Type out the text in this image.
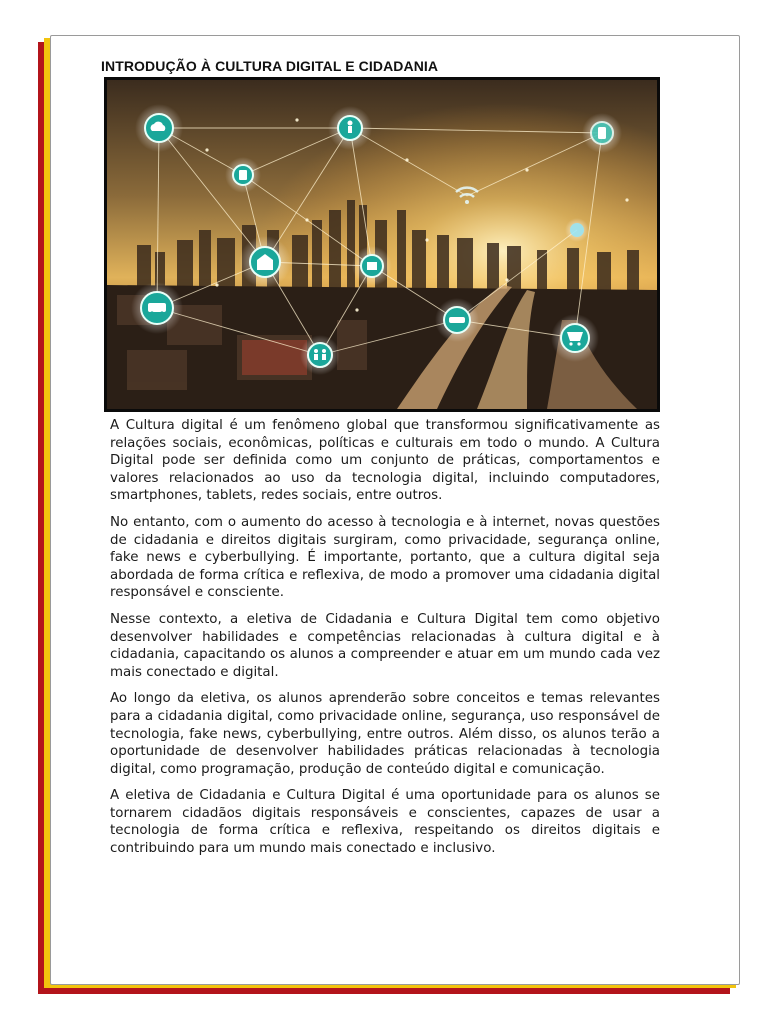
INTRODUÇÃO À CULTURA DIGITAL E CIDADANIA

A Cultura digital é um fenômeno global que transformou significativamente as relações sociais, econômicas, políticas e culturais em todo o mundo. A Cultura Digital pode ser definida como um conjunto de práticas, comportamentos e valores relacionados ao uso da tecnologia digital, incluindo computadores, smartphones, tablets, redes sociais, entre outros.

No entanto, com o aumento do acesso à tecnologia e à internet, novas questões de cidadania e direitos digitais surgiram, como privacidade, segurança online, fake news e cyberbullying. É importante, portanto, que a cultura digital seja abordada de forma crítica e reflexiva, de modo a promover uma cidadania digital responsável e consciente.

Nesse contexto, a eletiva de Cidadania e Cultura Digital tem como objetivo desenvolver habilidades e competências relacionadas à cultura digital e à cidadania, capacitando os alunos a compreender e atuar em um mundo cada vez mais conectado e digital.

Ao longo da eletiva, os alunos aprenderão sobre conceitos e temas relevantes para a cidadania digital, como privacidade online, segurança, uso responsável de tecnologia, fake news, cyberbullying, entre outros. Além disso, os alunos terão a oportunidade de desenvolver habilidades práticas relacionadas à tecnologia digital, como programação, produção de conteúdo digital e comunicação.

A eletiva de Cidadania e Cultura Digital é uma oportunidade para os alunos se tornarem cidadãos digitais responsáveis e conscientes, capazes de usar a tecnologia de forma crítica e reflexiva, respeitando os direitos digitais e contribuindo para um mundo mais conectado e inclusivo.
